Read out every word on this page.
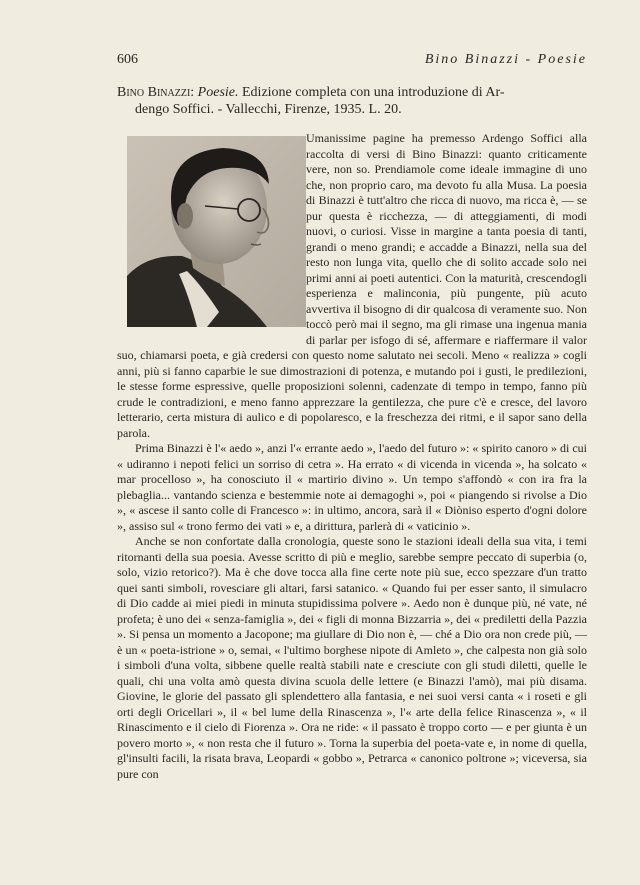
606	Bino Binazzi - Poesie
Bino Binazzi: Poesie. Edizione completa con una introduzione di Ar-
dengo Soffici. - Vallecchi, Firenze, 1935. L. 20.

Umanissime pagine ha premesso Ardengo Soffici alla raccolta di versi di Bino Binazzi: quanto criticamente vere, non so. Prendiamole come ideale immagine di uno che, non proprio caro, ma devoto fu alla Musa. La poesia di Binazzi è tutt'altro che ricca di nuovo, ma ricca è, — se pur questa è ricchezza, — di atteggiamenti, di modi nuovi, o curiosi. Visse in margine a tanta poesia di tanti, grandi o meno grandi; e accadde a Binazzi, nella sua del resto non lunga vita, quello che di solito accade solo nei primi anni ai poeti autentici. Con la maturità, crescendogli esperienza e malinconia, più pungente, più acuto avvertiva il bisogno di dir qualcosa di veramente suo. Non toccò però mai il segno, ma gli rimase una ingenua mania di parlar per isfogo di sé, affermare e riaffermare il valor suo, chiamarsi poeta, e già credersi con questo nome salutato nei secoli. Meno « realizza » cogli anni, più si fanno caparbie le sue dimostrazioni di potenza, e mutando poi i gusti, le predilezioni, le stesse forme espressive, quelle proposizioni solenni, cadenzate di tempo in tempo, fanno più crude le contradizioni, e meno fanno apprezzare la gentilezza, che pure c'è e cresce, del lavoro letterario, certa mistura di aulico e di popolaresco, e la freschezza dei ritmi, e il sapor sano della parola.

Prima Binazzi è l'« aedo », anzi l'« errante aedo », l'aedo del futuro »: « spirito canoro » di cui « udiranno i nepoti felici un sorriso di cetra ». Ha errato « di vicenda in vicenda », ha solcato « mar procelloso », ha conosciuto il « martirio divino ». Un tempo s'affondò « con ira fra la plebaglia... vantando scienza e bestemmie note ai demagoghi », poi « piangendo si rivolse a Dio », « ascese il santo colle di Francesco »: in ultimo, ancora, sarà il « Diòniso esperto d'ogni dolore », assiso sul « trono fermo dei vati » e, a dirittura, parlerà di « vaticinio ».

Anche se non confortate dalla cronologia, queste sono le stazioni ideali della sua vita, i temi ritornanti della sua poesia. Avesse scritto di più e meglio, sarebbe sempre peccato di superbia (o, solo, vizio retorico?). Ma è che dove tocca alla fine certe note più sue, ecco spezzare d'un tratto quei santi simboli, rovesciare gli altari, farsi satanico. « Quando fui per esser santo, il simulacro di Dio cadde ai miei piedi in minuta stupidissima polvere ». Aedo non è dunque più, né vate, né profeta; è uno dei « senza-famiglia », dei « figli di monna Bizzarria », dei « prediletti della Pazzia ». Si pensa un momento a Jacopone; ma giullare di Dio non è, — ché a Dio ora non crede più, — è un « poeta-istrione » o, semai, « l'ultimo borghese nipote di Amleto », che calpesta non già solo i simboli d'una volta, sibbene quelle realtà stabili nate e cresciute con gli studi diletti, quelle le quali, chi una volta amò questa divina scuola delle lettere (e Binazzi l'amò), mai più disama. Giovine, le glorie del passato gli splendettero alla fantasia, e nei suoi versi canta « i roseti e gli orti degli Oricellari », il « bel lume della Rinascenza », l'« arte della felice Rinascenza », « il Rinascimento e il cielo di Fiorenza ». Ora ne ride: « il passato è troppo corto — e per giunta è un povero morto », « non resta che il futuro ». Torna la superbia del poeta-vate e, in nome di quella, gl'insulti facili, la risata brava, Leopardi « gobbo », Petrarca « canonico poltrone »; viceversa, sia pure con
